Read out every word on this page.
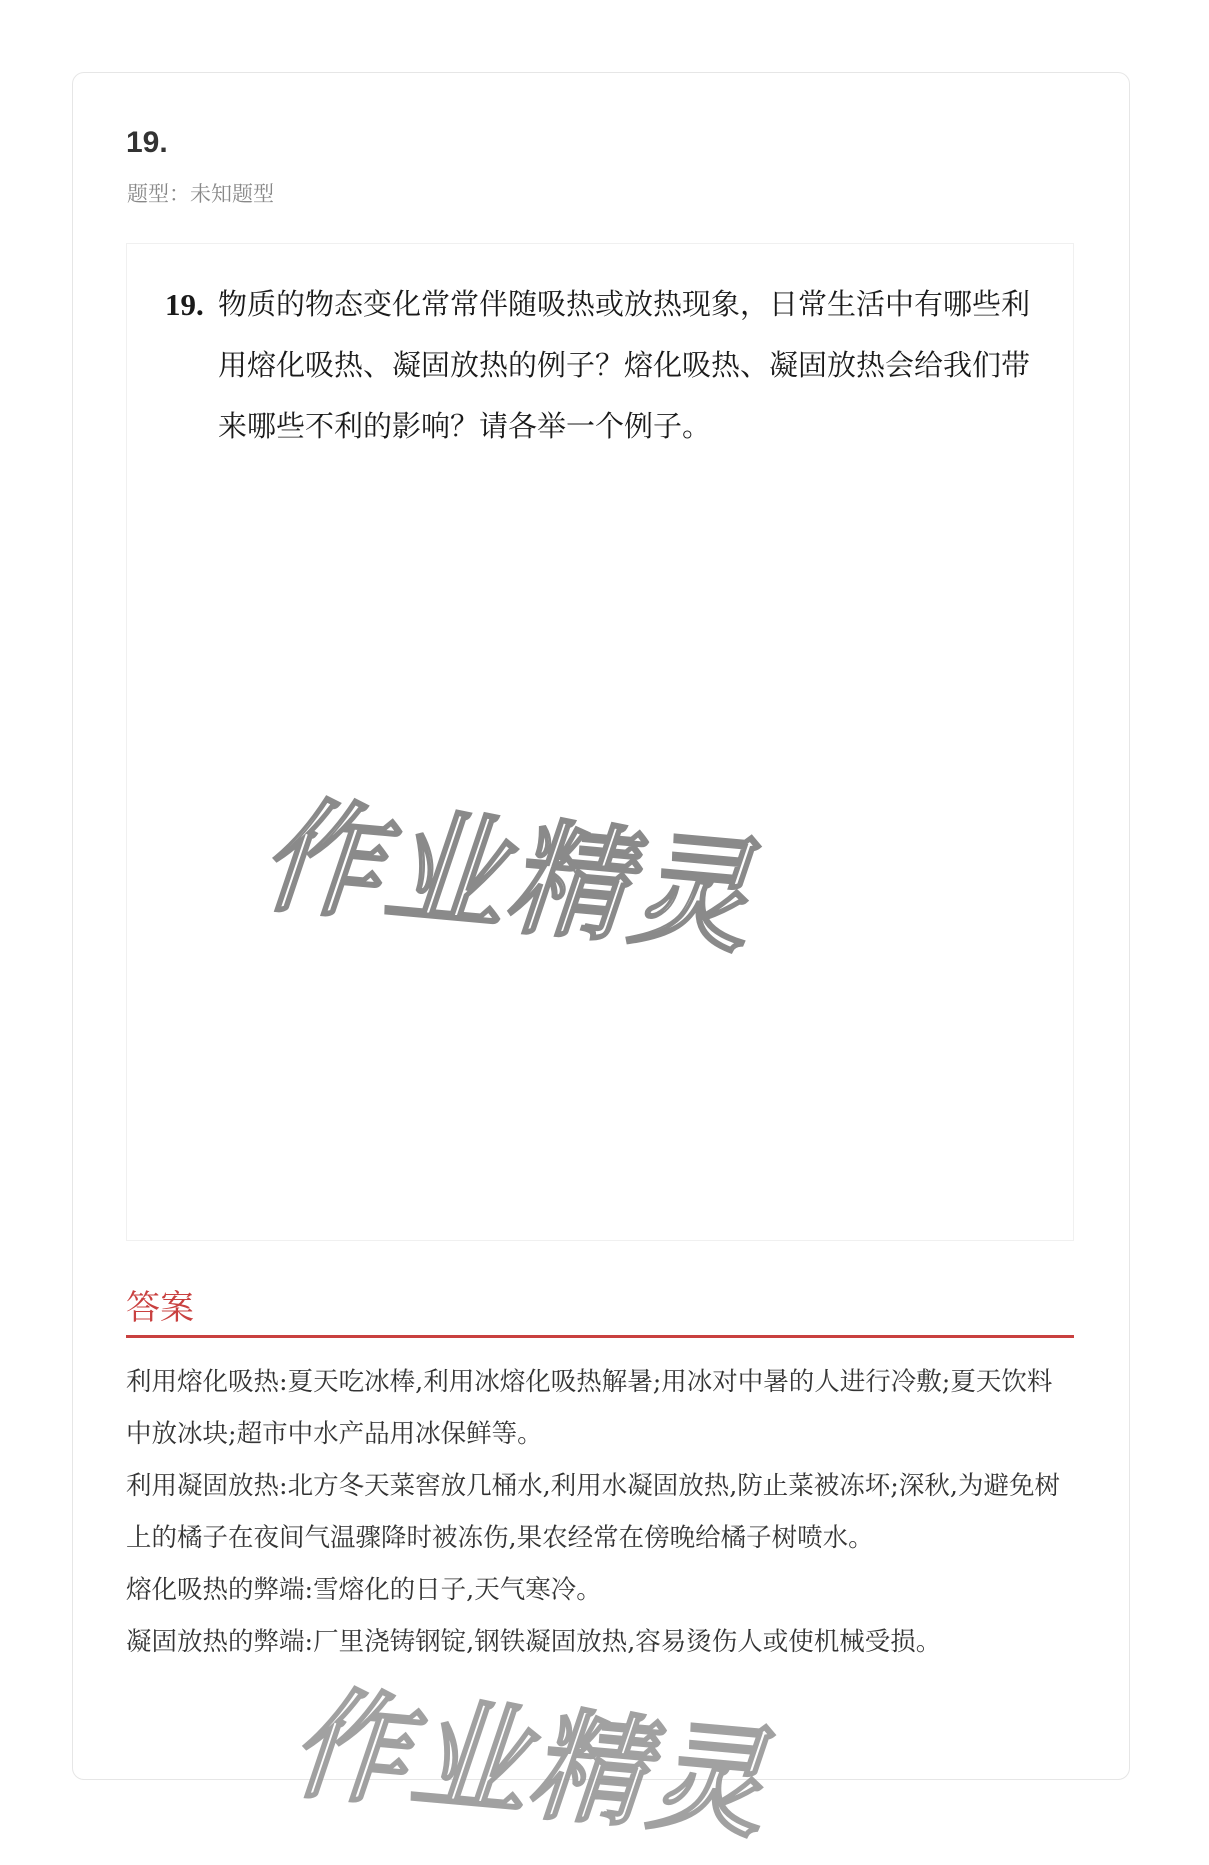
19.
题型：未知题型
19. 物质的物态变化常常伴随吸热或放热现象，日常生活中有哪些利用熔化吸热、凝固放热的例子？熔化吸热、凝固放热会给我们带来哪些不利的影响？请各举一个例子。
作业精灵
答案

利用熔化吸热:夏天吃冰棒,利用冰熔化吸热解暑;用冰对中暑的人进行冷敷;夏天饮料中放冰块;超市中水产品用冰保鲜等。

利用凝固放热:北方冬天菜窖放几桶水,利用水凝固放热,防止菜被冻坏;深秋,为避免树上的橘子在夜间气温骤降时被冻伤,果农经常在傍晚给橘子树喷水。

熔化吸热的弊端:雪熔化的日子,天气寒冷。

凝固放热的弊端:厂里浇铸钢锭,钢铁凝固放热,容易烫伤人或使机械受损。

作业精灵
